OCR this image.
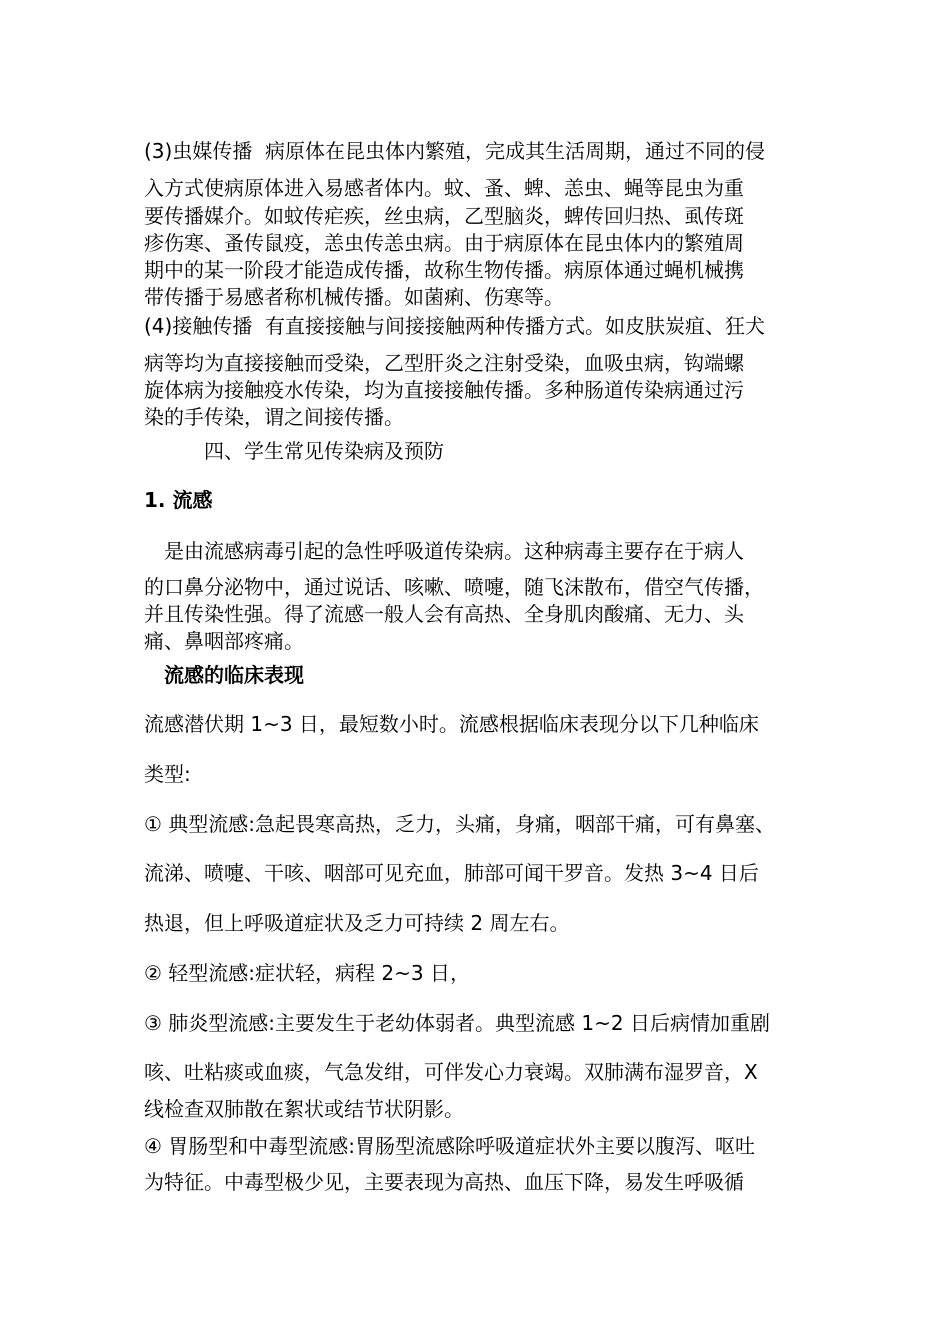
(3)虫媒传播  病原体在昆虫体内繁殖，完成其生活周期，通过不同的侵
入方式使病原体进入易感者体内。蚊、蚤、蜱、恙虫、蝇等昆虫为重
要传播媒介。如蚊传疟疾，丝虫病，乙型脑炎，蜱传回归热、虱传斑
疹伤寒、蚤传鼠疫，恙虫传恙虫病。由于病原体在昆虫体内的繁殖周
期中的某一阶段才能造成传播，故称生物传播。病原体通过蝇机械携
带传播于易感者称机械传播。如菌痢、伤寒等。
(4)接触传播  有直接接触与间接接触两种传播方式。如皮肤炭疽、狂犬
病等均为直接接触而受染，乙型肝炎之注射受染，血吸虫病，钩端螺
旋体病为接触疫水传染，均为直接接触传播。多种肠道传染病通过污
染的手传染，谓之间接传播。
四、学生常见传染病及预防
1. 流感
是由流感病毒引起的急性呼吸道传染病。这种病毒主要存在于病人
的口鼻分泌物中，通过说话、咳嗽、喷嚏，随飞沫散布，借空气传播，
并且传染性强。得了流感一般人会有高热、全身肌肉酸痛、无力、头
痛、鼻咽部疼痛。
流感的临床表现
流感潜伏期 1~3 日，最短数小时。流感根据临床表现分以下几种临床
类型:
① 典型流感:急起畏寒高热，乏力，头痛，身痛，咽部干痛，可有鼻塞、
流涕、喷嚏、干咳、咽部可见充血，肺部可闻干罗音。发热 3~4 日后
热退，但上呼吸道症状及乏力可持续 2 周左右。
② 轻型流感:症状轻，病程 2~3 日，
③ 肺炎型流感:主要发生于老幼体弱者。典型流感 1~2 日后病情加重剧
咳、吐粘痰或血痰，气急发绀，可伴发心力衰竭。双肺满布湿罗音，X
线检查双肺散在絮状或结节状阴影。
④ 胃肠型和中毒型流感:胃肠型流感除呼吸道症状外主要以腹泻、呕吐
为特征。中毒型极少见，主要表现为高热、血压下降，易发生呼吸循
